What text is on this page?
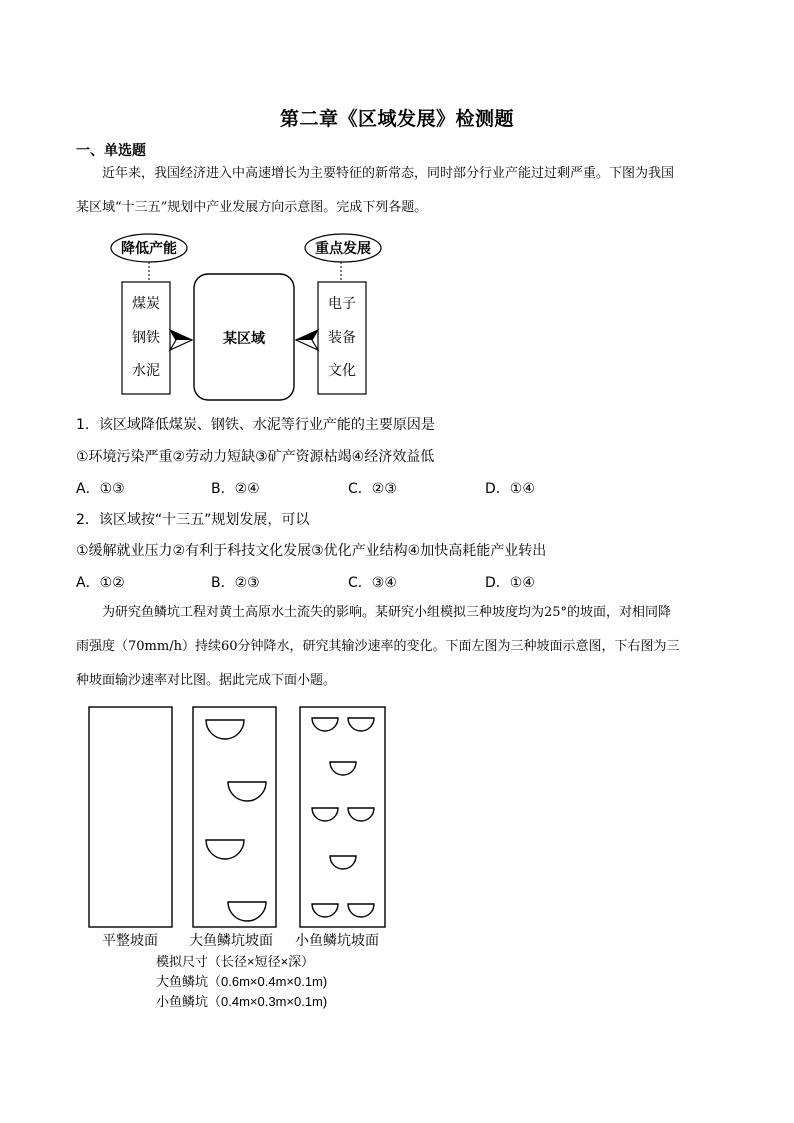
第二章《区域发展》检测题
一、单选题
近年来，我国经济进入中高速增长为主要特征的新常态，同时部分行业产能过过剩严重。下图为我国
某区域“十三五”规划中产业发展方向示意图。完成下列各题。
降低产能	重点发展
某区域
煤炭
钢铁
水泥
电子
装备
文化
1．该区域降低煤炭、钢铁、水泥等行业产能的主要原因是
①环境污染严重②劳动力短缺③矿产资源枯竭④经济效益低
A．①③	B．②④	C．②③	D．①④
2．该区域按“十三五”规划发展，可以
①缓解就业压力②有利于科技文化发展③优化产业结构④加快高耗能产业转出
A．①②	B．②③	C．③④	D．①④
为研究鱼鳞坑工程对黄土高原水土流失的影响。某研究小组模拟三种坡度均为25°的坡面，对相同降
雨强度（70mm/h）持续60分钟降水，研究其输沙速率的变化。下面左图为三种坡面示意图，下右图为三
种坡面输沙速率对比图。据此完成下面小题。
平整坡面 大鱼鳞坑坡面 小鱼鳞坑坡面
模拟尺寸（长径×短径×深）
大鱼鳞坑（0.6m×0.4m×0.1m)
小鱼鳞坑（0.4m×0.3m×0.1m)
